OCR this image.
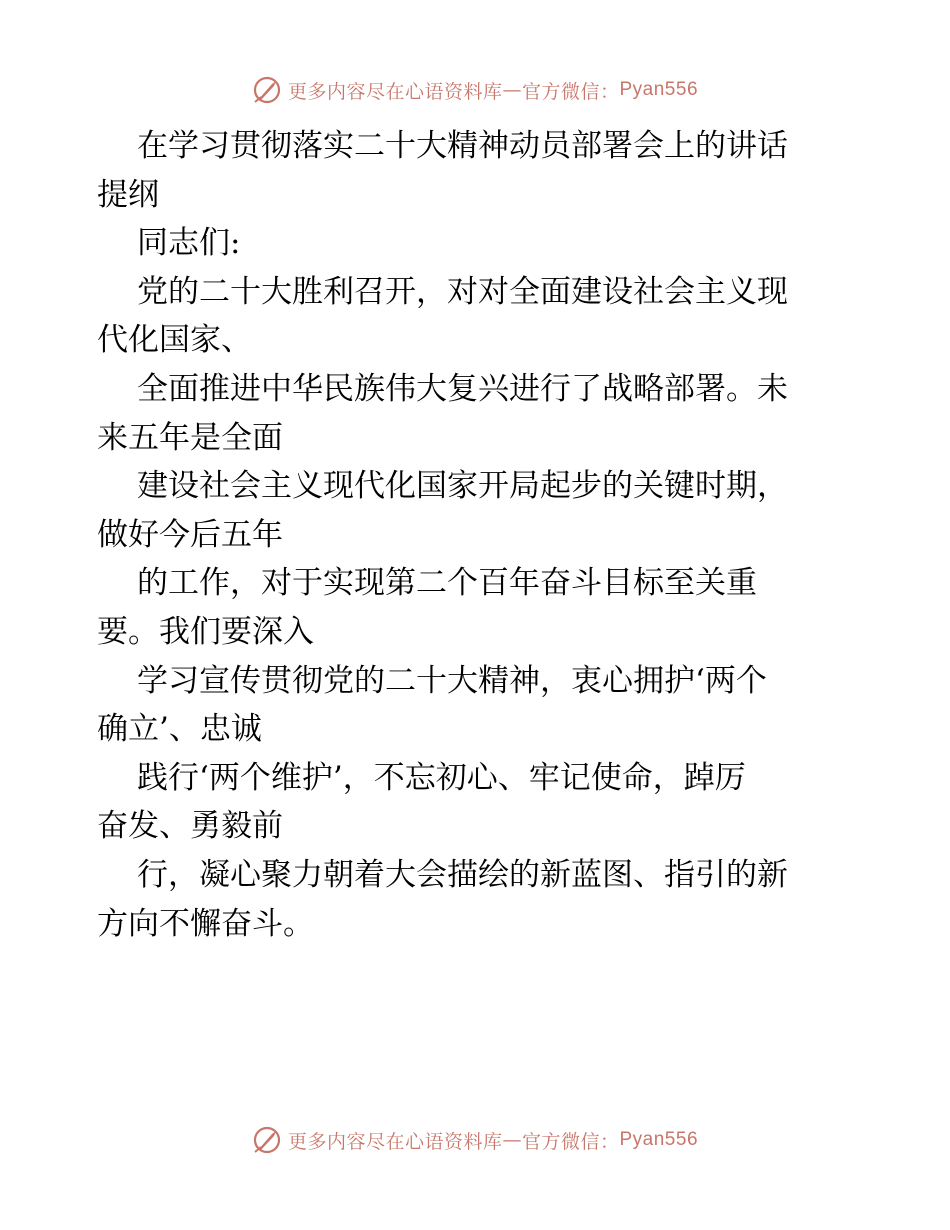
更多内容尽在心语资料库 — 官方微信： Pyan556
在学习贯彻落实二十大精神动员部署会上的讲话
提纲
同志们:
党的二十大胜利召开，对对全面建设社会主义现
代化国家、
全面推进中华民族伟大复兴进行了战略部署。未
来五年是全面
建设社会主义现代化国家开局起步的关键时期，
做好今后五年
的工作，对于实现第二个百年奋斗目标至关重
要。我们要深入
学习宣传贯彻党的二十大精神，衷心拥护‘两个
确立’、忠诚
践行‘两个维护’，不忘初心、牢记使命，踔厉
奋发、勇毅前
行，凝心聚力朝着大会描绘的新蓝图、指引的新
方向不懈奋斗。
更多内容尽在心语资料库 — 官方微信： Pyan556
